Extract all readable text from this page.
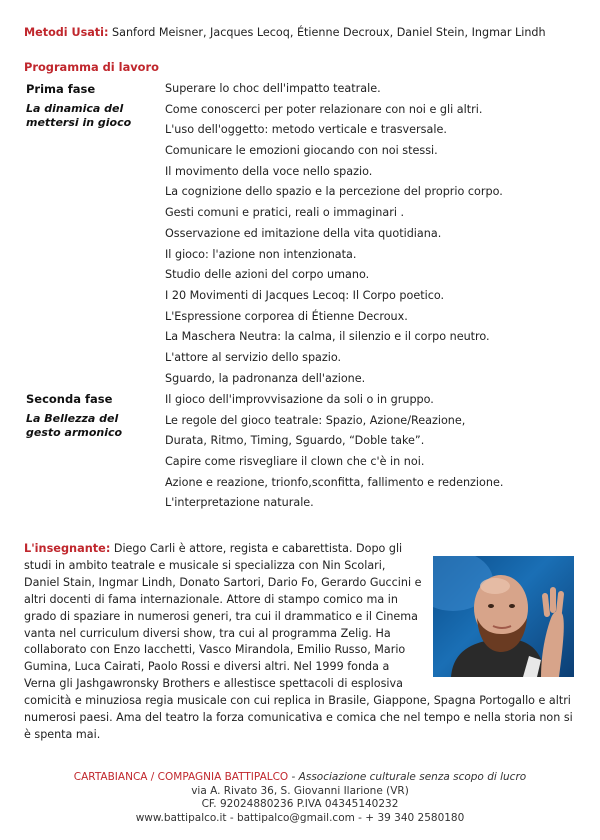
Metodi Usati: Sanford Meisner, Jacques Lecoq, Étienne Decroux, Daniel Stein, Ingmar Lindh
Programma di lavoro
Prima fase
La dinamica del mettersi in gioco
Superare lo choc dell'impatto teatrale.
Come conoscerci per poter relazionare con noi e gli altri.
L'uso dell'oggetto: metodo verticale e trasversale.
Comunicare le emozioni giocando con noi stessi.
Il movimento della voce nello spazio.
La cognizione dello spazio e la percezione del proprio corpo.
Gesti comuni e pratici, reali o immaginari .
Osservazione ed imitazione della vita quotidiana.
Il gioco: l'azione non intenzionata.
Studio delle azioni del corpo umano.
I 20 Movimenti di Jacques Lecoq: Il Corpo poetico.
L'Espressione corporea di Étienne Decroux.
La Maschera Neutra: la calma, il silenzio e il corpo neutro.
L'attore al servizio dello spazio.
Sguardo, la padronanza dell'azione.
Seconda fase
La Bellezza del gesto armonico
Il gioco dell'improvvisazione da soli o in gruppo.
Le regole del gioco teatrale: Spazio, Azione/Reazione,
Durata, Ritmo, Timing, Sguardo, “Doble take”.
Capire come risvegliare il clown che c'è in noi.
Azione e reazione, trionfo,sconfitta, fallimento e redenzione.
L'interpretazione naturale.
L'insegnante: Diego Carli è attore, regista e cabarettista. Dopo gli studi in ambito teatrale e musicale si specializza con Nin Scolari, Daniel Stain, Ingmar Lindh, Donato Sartori, Dario Fo, Gerardo Guccini e altri docenti di fama internazionale. Attore di stampo comico ma in grado di spaziare in numerosi generi, tra cui il drammatico e il Cinema vanta nel curriculum diversi show, tra cui al programma Zelig. Ha collaborato con Enzo Iacchetti, Vasco Mirandola, Emilio Russo, Mario Gumina, Luca Cairati, Paolo Rossi e diversi altri. Nel 1999 fonda a Verna gli Jashgawronsky Brothers e allestisce spettacoli di esplosiva comicità e minuziosa regia musicale con cui replica in Brasile, Giappone, Spagna Portogallo e altri numerosi paesi. Ama del teatro la forza comunicativa e comica che nel tempo e nella storia non si è spenta mai.
CARTABIANCA / COMPAGNIA BATTIPALCO - Associazione culturale senza scopo di lucro
via A. Rivato 36, S. Giovanni Ilarione (VR)
CF. 92024880236 P.IVA 04345140232
www.battipalco.it - battipalco@gmail.com - + 39 340 2580180
